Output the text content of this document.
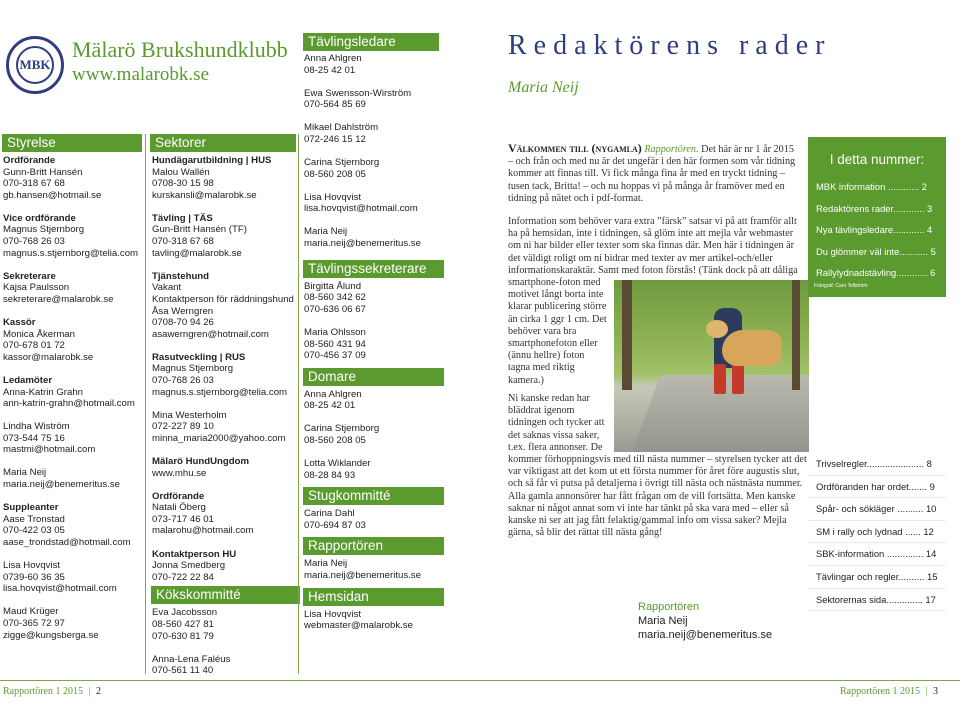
MBK
Mälarö Brukshundklubb
www.malarobk.se
Styrelse

Ordförande

Gunn-Britt Hansén

070-318 67 68

gb.hansen@hotmail.se

Vice ordförande

Magnus Stjernborg

070-768 26 03

magnus.s.stjernborg@telia.com

Sekreterare

Kajsa Paulsson

sekreterare@malarobk.se

Kassör

Monica Åkerman

070-678 01 72

kassor@malarobk.se

Ledamöter

Anna-Katrin Grahn

ann-katrin-grahn@hotmail.com

Lindha Wiström

073-544 75 16

mastmi@hotmail.com

Maria Neij

maria.neij@benemeritus.se

Suppleanter

Aase Tronstad

070-422 03 05

aase_trondstad@hotmail.com

Lisa Hovqvist

0739-60 36 35

lisa.hovqvist@hotmail.com

Maud Krüger

070-365 72 97

zigge@kungsberga.se

Sektorer

Hundägarutbildning | HUS

Malou Wallén

0708-30 15 98

kurskansli@malarobk.se

Tävling | TÄS

Gun-Britt Hansén (TF)

070-318 67 68

tavling@malarobk.se

Tjänstehund

Vakant

Kontaktperson för räddningshund

Åsa Werngren

0708-70 94 26

asawerngren@hotmail.com

Rasutveckling | RUS

Magnus Stjernborg

070-768 26 03

magnus.s.stjernborg@telia.com

Mina Westerholm

072-227 89 10

minna_maria2000@yahoo.com

Mälarö HundUngdom

www.mhu.se

Ordförande

Natali Öberg

073-717 46 01

malarohu@hotmail.com

Kontaktperson HU

Jonna Smedberg

070-722 22 84

Kökskommitté

Eva Jacobsson

08-560 427 81

070-630 81 79

Anna-Lena Faléus

070-561 11 40

Tävlingsledare

Anna Ahlgren

08-25 42 01

Ewa Swensson-Wirström

070-564 85 69

Mikael Dahlström

072-246 15 12

Carina Stjernborg

08-560 208 05

Lisa Hovqvist

lisa.hovqvist@hotmail.com

Maria Neij

maria.neij@benemeritus.se

Tävlingssekreterare

Birgitta Ålund

08-560 342 62

070-636 06 67

Maria Ohlsson

08-560 431 94

070-456 37 09

Domare

Anna Ahlgren

08-25 42 01

Carina Stjernborg

08-560 208 05

Lotta Wiklander

08-28 84 93

Stugkommitté

Carina Dahl

070-694 87 03

Rapportören

Maria Neij

maria.neij@benemeritus.se

Hemsidan

Lisa Hovqvist

webmaster@malarobk.se

Redaktörens rader
Maria Neij

Välkommen till (nygamla) Rapportören. Det här är nr 1 år 2015 – och från och med nu är det ungefär i den här formen som vår tidning kommer att finnas till. Vi fick många fina år med en tryckt tidning – tusen tack, Britta! – och nu hoppas vi på många år framöver med en tidning på nätet och i pdf-format.

Information som behöver vara extra ”färsk” satsar vi på att framför allt ha på hemsidan, inte i tidningen, så glöm inte att mejla vår webmaster om ni har bilder eller texter som ska finnas där. Men här i tidningen är det väldigt roligt om ni bidrar med texter av mer artikel-och/eller informationskaraktär. Samt med foton förstås! (Tänk dock på att dåliga smartphone-foton med motivet långt borta inte klarar publicering större än cirka 1 ggr 1 cm. Det behöver vara bra smartphonefoton eller (ännu hellre) foton tagna med riktig kamera.)

Ni kanske redan har bläddrat igenom tidningen och tycker att det saknas vissa saker, t.ex. flera annonser. De kommer förhoppningsvis med till nästa nummer – styrelsen tycker att det var viktigast att det kom ut ett första nummer för året före augustis slut, och så får vi putsa på detaljerna i övrigt till nästa och nästnästa nummer. Alla gamla annonsörer har fått frågan om de vill fortsätta. Men kanske saknar ni något annat som vi inte har tänkt på ska vara med – eller så kanske ni ser att jag fått felaktig/gammal info om vissa saker? Mejla gärna, så blir det rättat till nästa gång!

Rapportören
Maria Neij
maria.neij@benemeritus.se
I detta nummer:
MBK information ............ 2
Redaktörens rader............ 3
Nya tävlingsledare............ 4
Du glömmer väl inte........... 5
Rallylydnadstävling............ 6
Fotograf: Caro Tellström
Trivselregler...................... 8
Ordföranden har ordet....... 9
Spår- och sökläger .......... 10
SM i rally och lydnad ...... 12
SBK-information .............. 14
Tävlingar och regler.......... 15
Sektorernas sida.............. 17
Rapportören 1 2015 | 2	Rapportören 1 2015 | 3
